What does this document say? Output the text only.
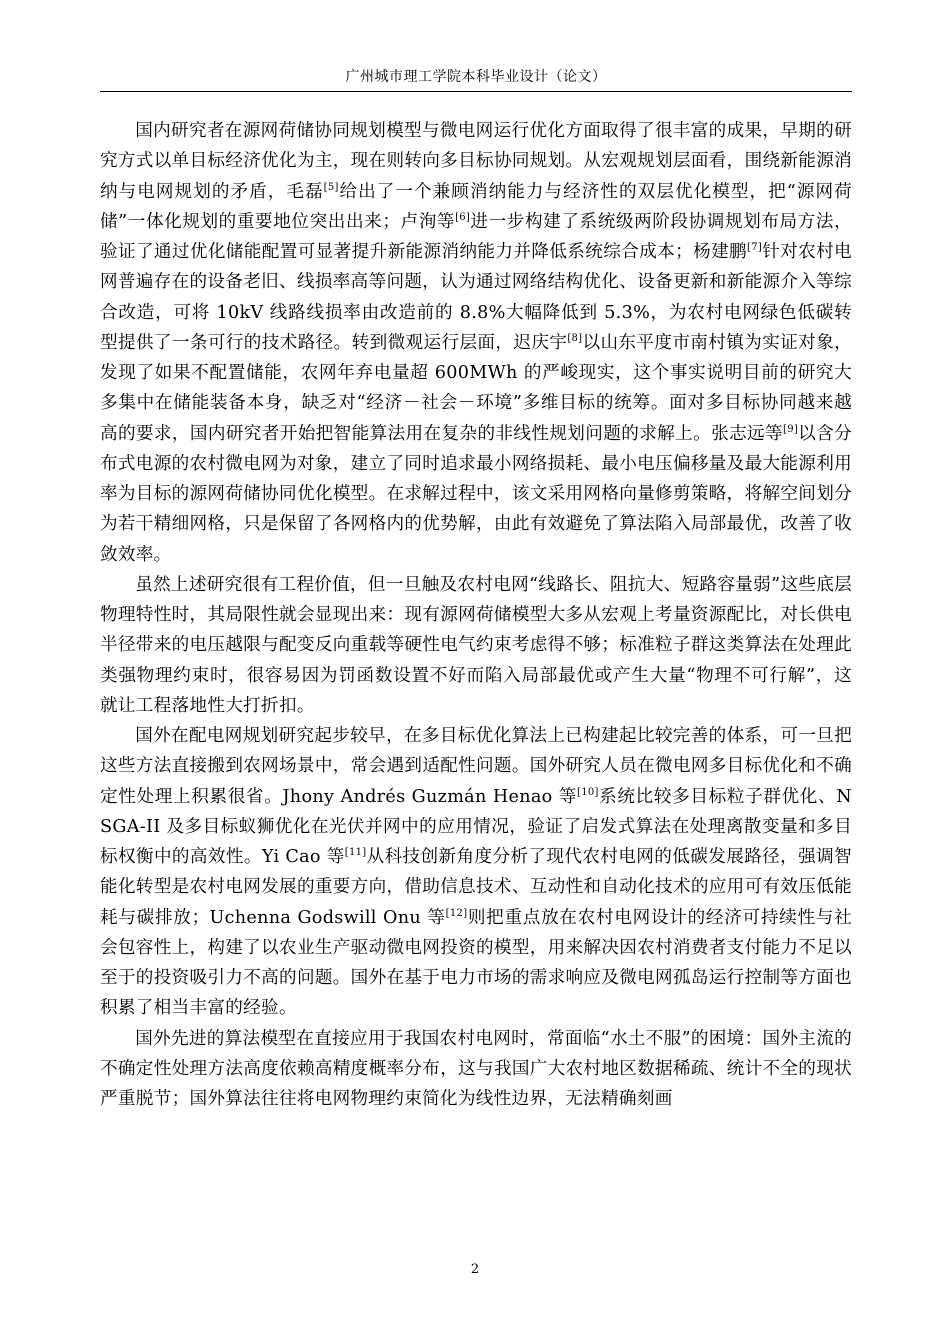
广州城市理工学院本科毕业设计（论文）

国内研究者在源网荷储协同规划模型与微电网运行优化方面取得了很丰富的成果，早期的研究方式以单目标经济优化为主，现在则转向多目标协同规划。从宏观规划层面看，围绕新能源消纳与电网规划的矛盾，毛磊[5]给出了一个兼顾消纳能力与经济性的双层优化模型，把“源网荷储”一体化规划的重要地位突出出来；卢洵等[6]进一步构建了系统级两阶段协调规划布局方法，验证了通过优化储能配置可显著提升新能源消纳能力并降低系统综合成本；杨建鹏[7]针对农村电网普遍存在的设备老旧、线损率高等问题，认为通过网络结构优化、设备更新和新能源介入等综合改造，可将 10kV 线路线损率由改造前的 8.8%大幅降低到 5.3%，为农村电网绿色低碳转型提供了一条可行的技术路径。转到微观运行层面，迟庆宇[8]以山东平度市南村镇为实证对象，发现了如果不配置储能，农网年弃电量超 600MWh 的严峻现实，这个事实说明目前的研究大多集中在储能装备本身，缺乏对“经济－社会－环境”多维目标的统筹。面对多目标协同越来越高的要求，国内研究者开始把智能算法用在复杂的非线性规划问题的求解上。张志远等[9]以含分布式电源的农村微电网为对象，建立了同时追求最小网络损耗、最小电压偏移量及最大能源利用率为目标的源网荷储协同优化模型。在求解过程中，该文采用网格向量修剪策略，将解空间划分为若干精细网格，只是保留了各网格内的优势解，由此有效避免了算法陷入局部最优，改善了收敛效率。

虽然上述研究很有工程价值，但一旦触及农村电网“线路长、阻抗大、短路容量弱”这些底层物理特性时，其局限性就会显现出来：现有源网荷储模型大多从宏观上考量资源配比，对长供电半径带来的电压越限与配变反向重载等硬性电气约束考虑得不够；标准粒子群这类算法在处理此类强物理约束时，很容易因为罚函数设置不好而陷入局部最优或产生大量“物理不可行解”，这就让工程落地性大打折扣。

国外在配电网规划研究起步较早，在多目标优化算法上已构建起比较完善的体系，可一旦把这些方法直接搬到农网场景中，常会遇到适配性问题。国外研究人员在微电网多目标优化和不确定性处理上积累很省。Jhony Andrés Guzmán Henao 等[10]系统比较多目标粒子群优化、NSGA-II 及多目标蚁狮优化在光伏并网中的应用情况，验证了启发式算法在处理离散变量和多目标权衡中的高效性。Yi Cao 等[11]从科技创新角度分析了现代农村电网的低碳发展路径，强调智能化转型是农村电网发展的重要方向，借助信息技术、互动性和自动化技术的应用可有效压低能耗与碳排放；Uchenna Godswill Onu 等[12]则把重点放在农村电网设计的经济可持续性与社会包容性上，构建了以农业生产驱动微电网投资的模型，用来解决因农村消费者支付能力不足以至于的投资吸引力不高的问题。国外在基于电力市场的需求响应及微电网孤岛运行控制等方面也积累了相当丰富的经验。

国外先进的算法模型在直接应用于我国农村电网时，常面临“水土不服”的困境：国外主流的不确定性处理方法高度依赖高精度概率分布，这与我国广大农村地区数据稀疏、统计不全的现状严重脱节；国外算法往往将电网物理约束简化为线性边界，无法精确刻画

2
